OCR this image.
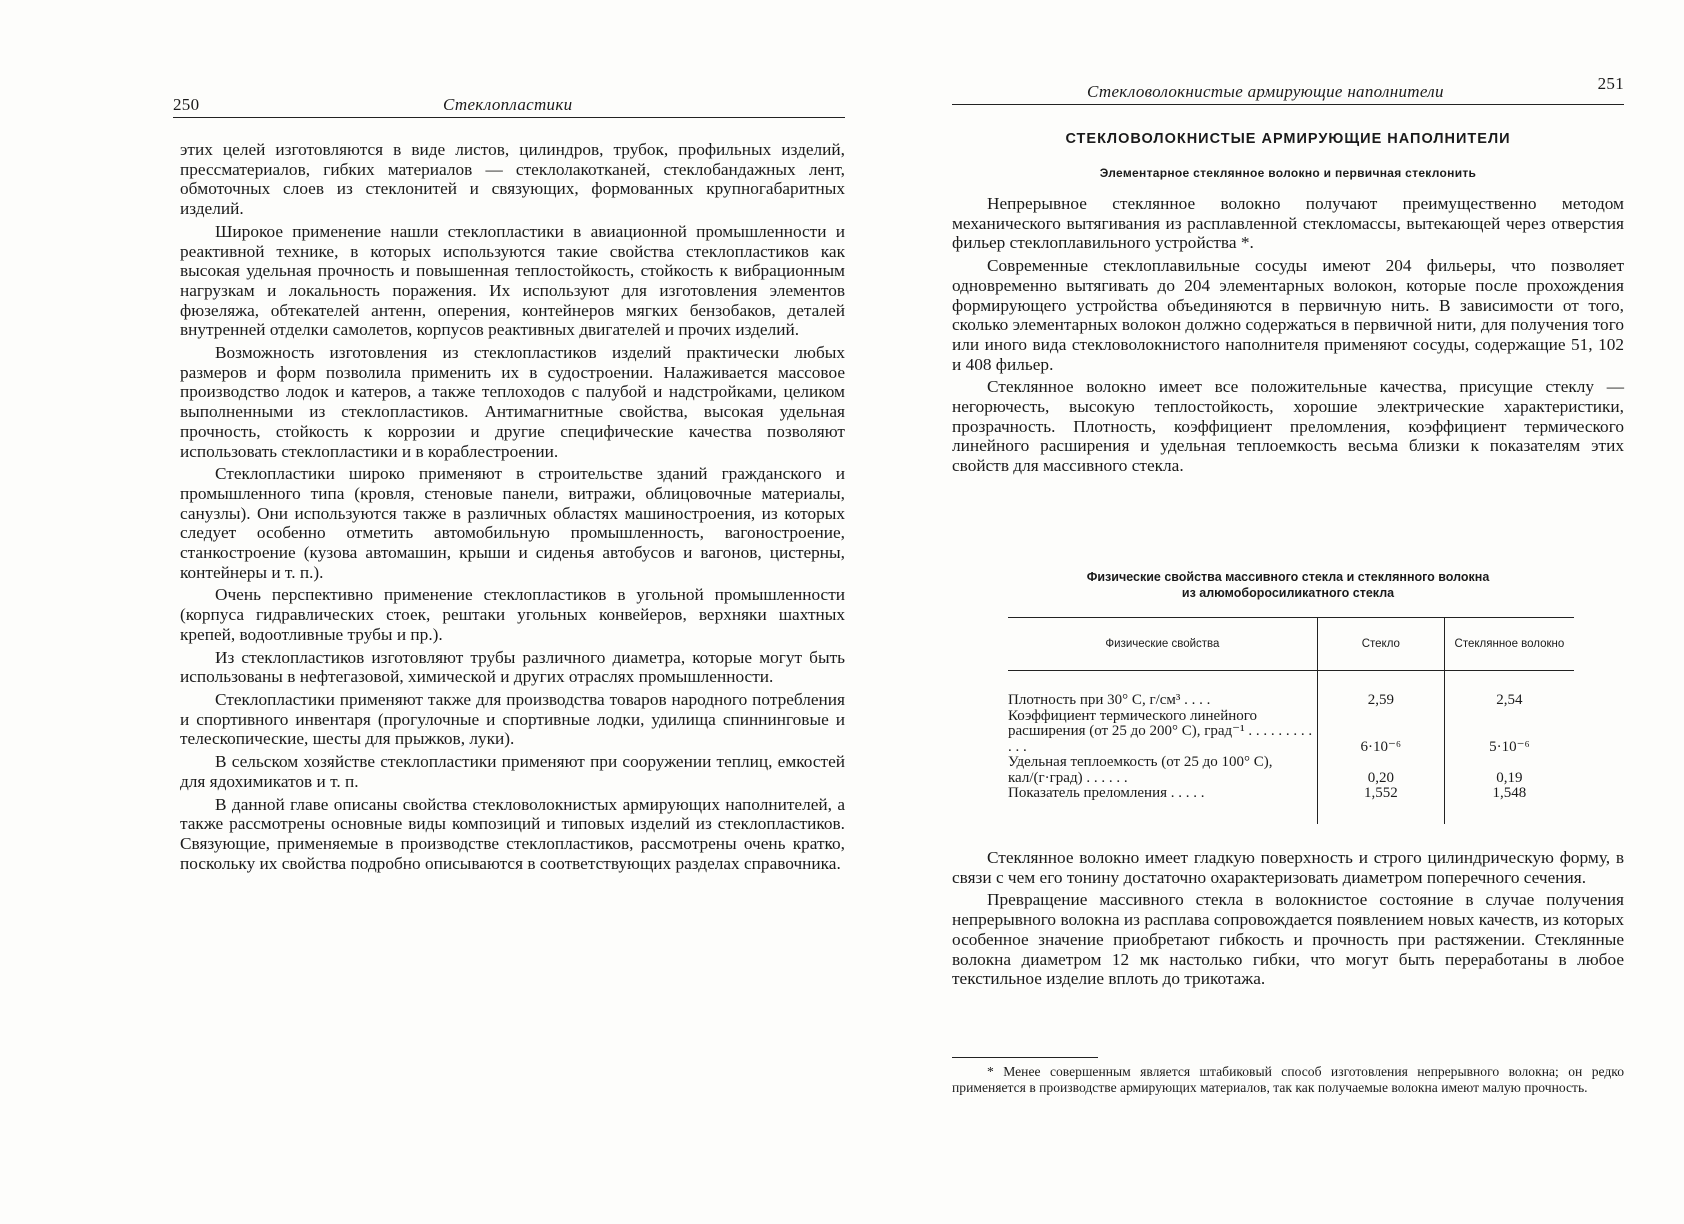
250	Стеклопластики

этих целей изготовляются в виде листов, цилиндров, трубок, профильных изделий, прессматериалов, гибких материалов — стеклолакотканей, стеклобандажных лент, обмоточных слоев из стеклонитей и связующих, формованных крупногабаритных изделий.

Широкое применение нашли стеклопластики в авиационной промышленности и реактивной технике, в которых используются такие свойства стеклопластиков как высокая удельная прочность и повышенная теплостойкость, стойкость к вибрационным нагрузкам и локальность поражения. Их используют для изготовления элементов фюзеляжа, обтекателей антенн, оперения, контейнеров мягких бензобаков, деталей внутренней отделки самолетов, корпусов реактивных двигателей и прочих изделий.

Возможность изготовления из стеклопластиков изделий практически любых размеров и форм позволила применить их в судостроении. Налаживается массовое производство лодок и катеров, а также теплоходов с палубой и надстройками, целиком выполненными из стеклопластиков. Антимагнитные свойства, высокая удельная прочность, стойкость к коррозии и другие специфические качества позволяют использовать стеклопластики и в кораблестроении.

Стеклопластики широко применяют в строительстве зданий гражданского и промышленного типа (кровля, стеновые панели, витражи, облицовочные материалы, санузлы). Они используются также в различных областях машиностроения, из которых следует особенно отметить автомобильную промышленность, вагоностроение, станкостроение (кузова автомашин, крыши и сиденья автобусов и вагонов, цистерны, контейнеры и т. п.).

Очень перспективно применение стеклопластиков в угольной промышленности (корпуса гидравлических стоек, рештаки угольных конвейеров, верхняки шахтных крепей, водоотливные трубы и пр.).

Из стеклопластиков изготовляют трубы различного диаметра, которые могут быть использованы в нефтегазовой, химической и других отраслях промышленности.

Стеклопластики применяют также для производства товаров народного потребления и спортивного инвентаря (прогулочные и спортивные лодки, удилища спиннинговые и телескопические, шесты для прыжков, луки).

В сельском хозяйстве стеклопластики применяют при сооружении теплиц, емкостей для ядохимикатов и т. п.

В данной главе описаны свойства стекловолокнистых армирующих наполнителей, а также рассмотрены основные виды композиций и типовых изделий из стеклопластиков. Связующие, применяемые в производстве стеклопластиков, рассмотрены очень кратко, поскольку их свойства подробно описываются в соответствующих разделах справочника.

Стекловолокнистые армирующие наполнители	251
СТЕКЛОВОЛОКНИСТЫЕ АРМИРУЮЩИЕ НАПОЛНИТЕЛИ
Элементарное стеклянное волокно и первичная стеклонить

Непрерывное стеклянное волокно получают преимущественно методом механического вытягивания из расплавленной стекломассы, вытекающей через отверстия фильер стеклоплавильного устройства *.

Современные стеклоплавильные сосуды имеют 204 фильеры, что позволяет одновременно вытягивать до 204 элементарных волокон, которые после прохождения формирующего устройства объединяются в первичную нить. В зависимости от того, сколько элементарных волокон должно содержаться в первичной нити, для получения того или иного вида стекловолокнистого наполнителя применяют сосуды, содержащие 51, 102 и 408 фильер.

Стеклянное волокно имеет все положительные качества, присущие стеклу — негорючесть, высокую теплостойкость, хорошие электрические характеристики, прозрачность. Плотность, коэффициент преломления, коэффициент термического линейного расширения и удельная теплоемкость весьма близки к показателям этих свойств для массивного стекла.

Физические свойства массивного стекла и стеклянного волокна
из алюмоборосиликатного стекла
Физические свойства	Стекло	Стеклянное волокно
Плотность при 30° С, г/см³ . . . .	2,59	2,54
Коэффициент термического линейного расширения (от 25 до 200° С), град⁻¹ . . . . . . . . . . . .	6·10⁻⁶	5·10⁻⁶
Удельная теплоемкость (от 25 до 100° С), кал/(г·град) . . . . . .	0,20	0,19
Показатель преломления . . . . .	1,552	1,548

Стеклянное волокно имеет гладкую поверхность и строго цилиндрическую форму, в связи с чем его тонину достаточно охарактеризовать диаметром поперечного сечения.

Превращение массивного стекла в волокнистое состояние в случае получения непрерывного волокна из расплава сопровождается появлением новых качеств, из которых особенное значение приобретают гибкость и прочность при растяжении. Стеклянные волокна диаметром 12 мк настолько гибки, что могут быть переработаны в любое текстильное изделие вплоть до трикотажа.

* Менее совершенным является штабиковый способ изготовления непрерывного волокна; он редко применяется в производстве армирующих материалов, так как получаемые волокна имеют малую прочность.
